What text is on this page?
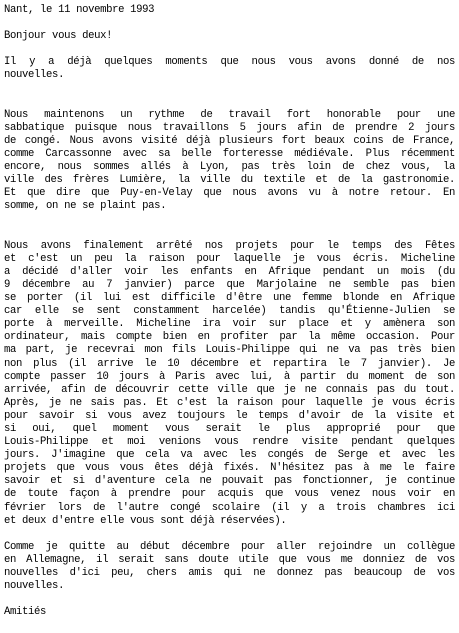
Nant, le 11 novembre 1993
Bonjour vous deux!
Il y a déjà quelques moments que nous vous avons donné de nos
nouvelles.
Nous maintenons un rythme de travail fort honorable pour une
sabbatique puisque nous travaillons 5 jours afin de prendre 2 jours
de congé. Nous avons visité déjà plusieurs fort beaux coins de France,
comme Carcassonne avec sa belle forteresse médiévale. Plus récemment
encore, nous sommes allés à Lyon, pas très loin de chez vous, la
ville des frères Lumière, la ville du textile et de la gastronomie.
Et que dire que Puy-en-Velay que nous avons vu à notre retour. En
somme, on ne se plaint pas.
Nous avons finalement arrêté nos projets pour le temps des Fêtes
et c'est un peu la raison pour laquelle je vous écris. Micheline
a décidé d'aller voir les enfants en Afrique pendant un mois (du
9 décembre au 7 janvier) parce que Marjolaine ne semble pas bien
se porter (il lui est difficile d'être une femme blonde en Afrique
car elle se sent constamment harcelée) tandis qu'Étienne-Julien se
porte à merveille. Micheline ira voir sur place et y amènera son
ordinateur, mais compte bien en profiter par la même occasion. Pour
ma part, je recevrai mon fils Louis-Philippe qui ne va pas très bien
non plus (il arrive le 10 décembre et repartira le 7 janvier). Je
compte passer 10 jours à Paris avec lui, à partir du moment de son
arrivée, afin de découvrir cette ville que je ne connais pas du tout.
Après, je ne sais pas. Et c'est la raison pour laquelle je vous écris
pour savoir si vous avez toujours le temps d'avoir de la visite et
si oui, quel moment vous serait le plus approprié pour que
Louis-Philippe et moi venions vous rendre visite pendant quelques
jours. J'imagine que cela va avec les congés de Serge et avec les
projets que vous vous êtes déjà fixés. N'hésitez pas à me le faire
savoir et si d'aventure cela ne pouvait pas fonctionner, je continue
de toute façon à prendre pour acquis que vous venez nous voir en
février lors de l'autre congé scolaire (il y a trois chambres ici
et deux d'entre elle vous sont déjà réservées).
Comme je quitte au début décembre pour aller rejoindre un collègue
en Allemagne, il serait sans doute utile que vous me donniez de vos
nouvelles d'ici peu, chers amis qui ne donnez pas beaucoup de vos
nouvelles.
Amitiés
